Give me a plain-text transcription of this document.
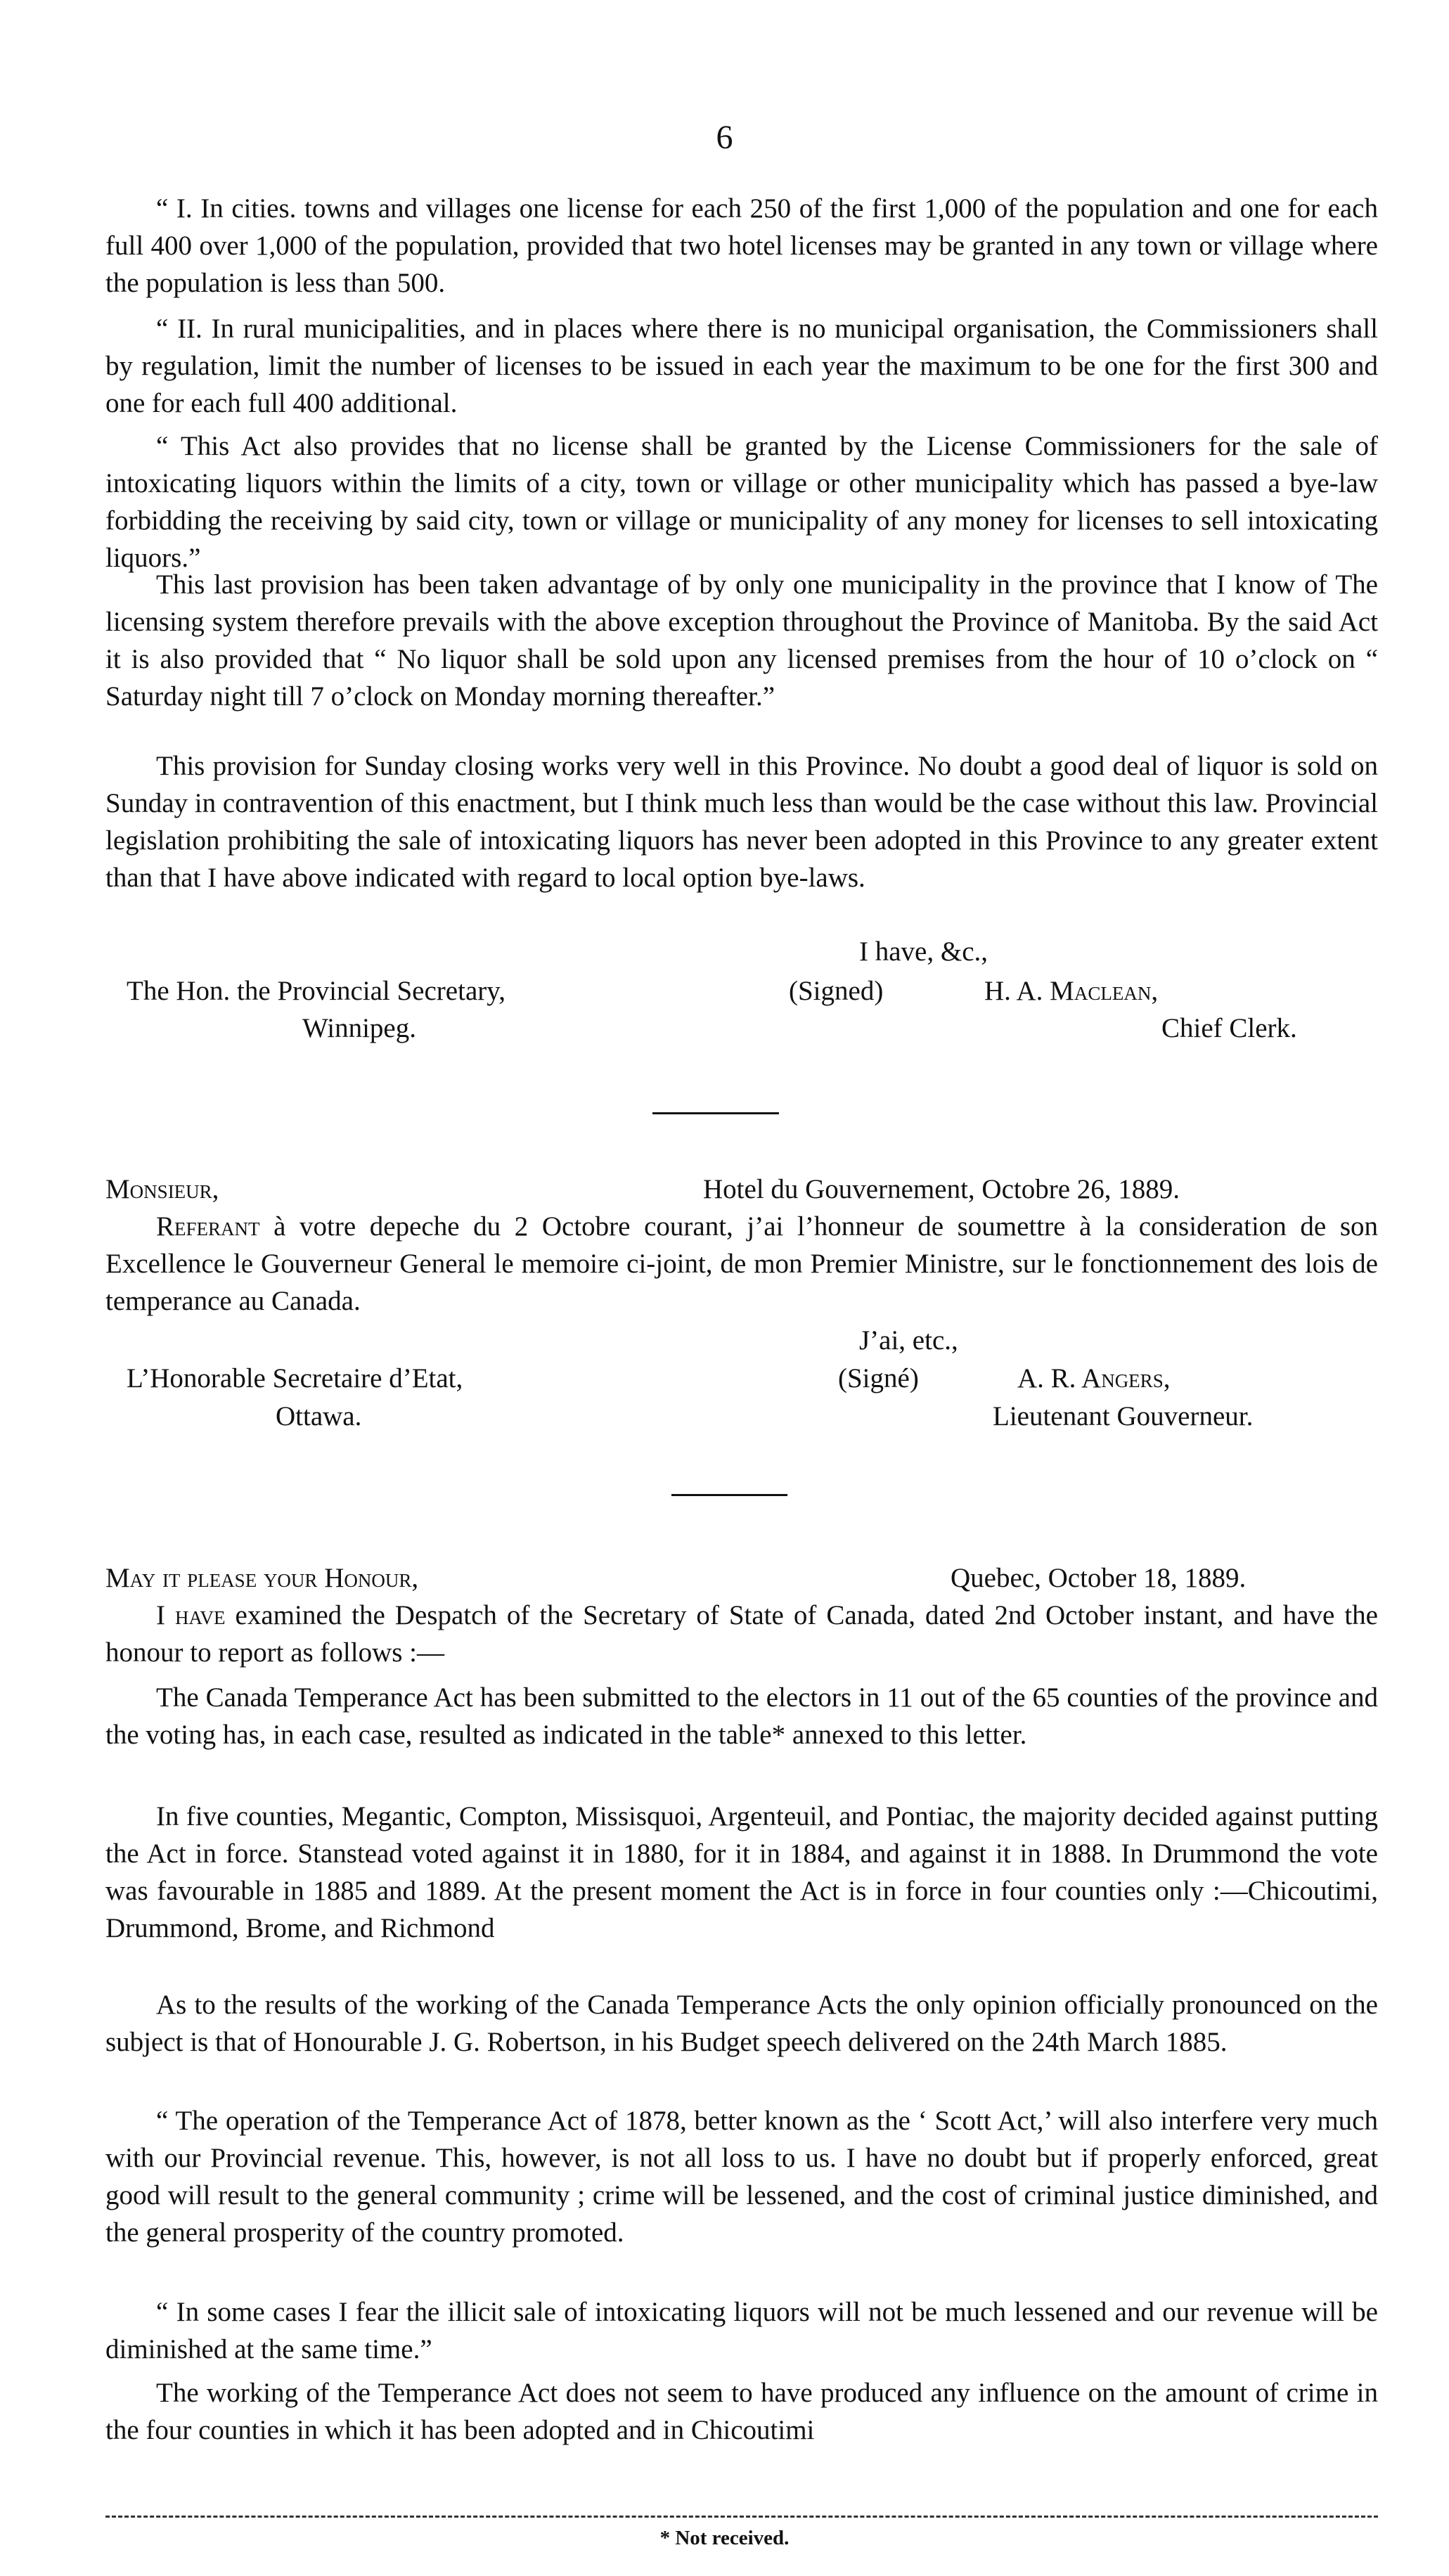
6

“ I. In cities. towns and villages one license for each 250 of the first 1,000 of the population and one for each full 400 over 1,000 of the population, provided that two hotel licenses may be granted in any town or village where the population is less than 500.

“ II. In rural municipalities, and in places where there is no municipal organisation, the Commissioners shall by regulation, limit the number of licenses to be issued in each year the maximum to be one for the first 300 and one for each full 400 additional.

“ This Act also provides that no license shall be granted by the License Commissioners for the sale of intoxicating liquors within the limits of a city, town or village or other municipality which has passed a bye-law forbidding the receiving by said city, town or village or municipality of any money for licenses to sell intoxicating liquors.”

This last provision has been taken advantage of by only one municipality in the province that I know of The licensing system therefore prevails with the above exception throughout the Province of Manitoba. By the said Act it is also provided that “ No liquor shall be sold upon any licensed premises from the hour of 10 o’clock on “ Saturday night till 7 o’clock on Monday morning thereafter.”

This provision for Sunday closing works very well in this Province. No doubt a good deal of liquor is sold on Sunday in contravention of this enactment, but I think much less than would be the case without this law. Provincial legislation prohibiting the sale of intoxicating liquors has never been adopted in this Province to any greater extent than that I have above indicated with regard to local option bye-laws.

I have, &c.,
The Hon. the Provincial Secretary,	(Signed)	H. A. Maclean,
Winnipeg.	Chief Clerk.
Monsieur,	Hotel du Gouvernement, Octobre 26, 1889.

Referant à votre depeche du 2 Octobre courant, j’ai l’honneur de soumettre à la consideration de son Excellence le Gouverneur General le memoire ci-joint, de mon Premier Ministre, sur le fonctionnement des lois de temperance au Canada.

J’ai, etc.,
L’Honorable Secretaire d’Etat,	(Signé)	A. R. Angers,
Ottawa.	Lieutenant Gouverneur.
May it please your Honour,	Quebec, October 18, 1889.

I have examined the Despatch of the Secretary of State of Canada, dated 2nd October instant, and have the honour to report as follows :—

The Canada Temperance Act has been submitted to the electors in 11 out of the 65 counties of the province and the voting has, in each case, resulted as indicated in the table* annexed to this letter.

In five counties, Megantic, Compton, Missisquoi, Argenteuil, and Pontiac, the majority decided against putting the Act in force. Stanstead voted against it in 1880, for it in 1884, and against it in 1888. In Drummond the vote was favourable in 1885 and 1889. At the present moment the Act is in force in four counties only :—Chicoutimi, Drummond, Brome, and Richmond

As to the results of the working of the Canada Temperance Acts the only opinion officially pronounced on the subject is that of Honourable J. G. Robertson, in his Budget speech delivered on the 24th March 1885.

“ The operation of the Temperance Act of 1878, better known as the ‘ Scott Act,’ will also interfere very much with our Provincial revenue. This, however, is not all loss to us. I have no doubt but if properly enforced, great good will result to the general community ; crime will be lessened, and the cost of criminal justice diminished, and the general prosperity of the country promoted.

“ In some cases I fear the illicit sale of intoxicating liquors will not be much lessened and our revenue will be diminished at the same time.”

The working of the Temperance Act does not seem to have produced any influence on the amount of crime in the four counties in which it has been adopted and in Chicoutimi

* Not received.
